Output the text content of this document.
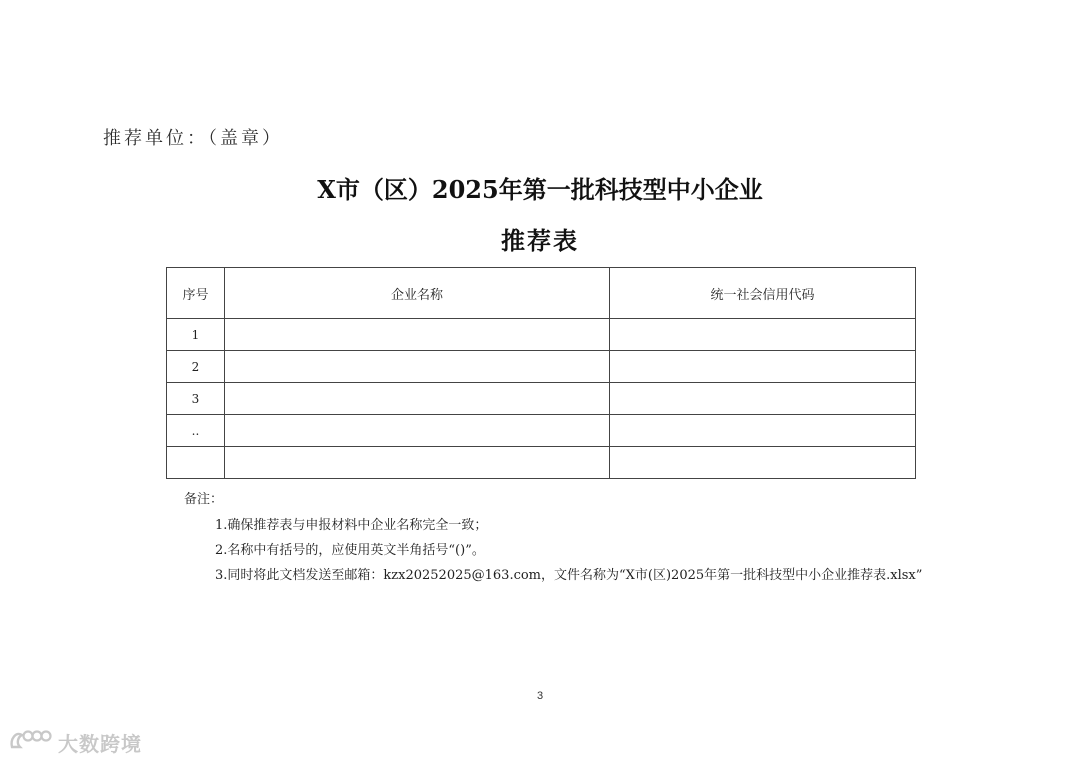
推荐单位：（盖章）
X市（区）2025年第一批科技型中小企业
推荐表
序号	企业名称	统一社会信用代码
1		
2		
3		
..		

备注：
1.确保推荐表与申报材料中企业名称完全一致；
2.名称中有括号的，应使用英文半角括号“()”。
3.同时将此文档发送至邮箱：kzx20252025@163.com，文件名称为“X市(区)2025年第一批科技型中小企业推荐表.xlsx”
3
大数跨境
